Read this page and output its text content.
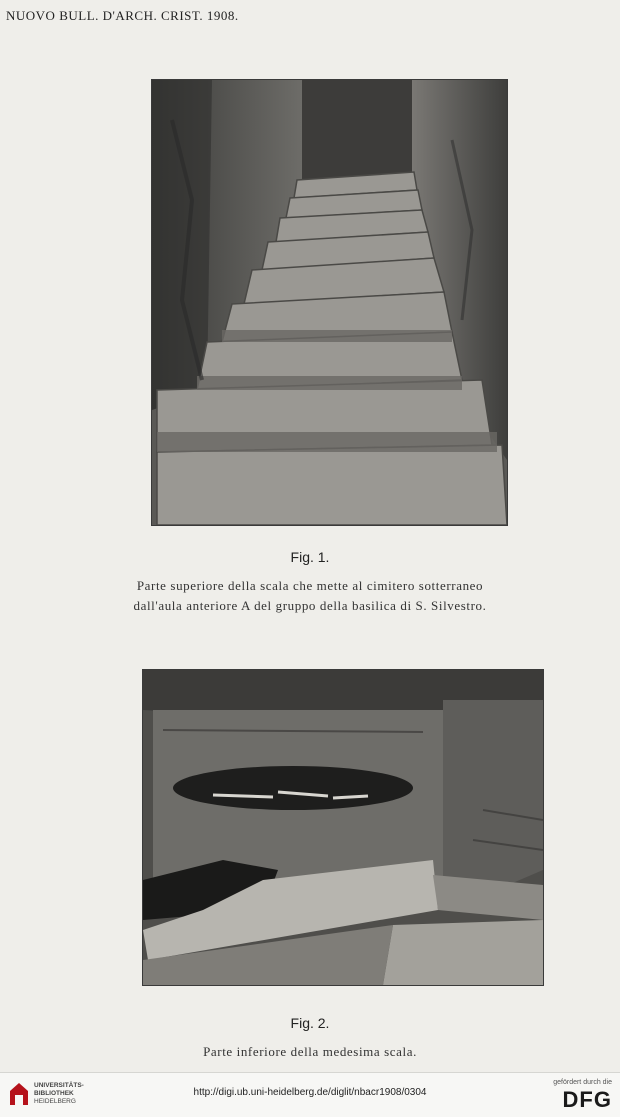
NUOVO BULL. D'ARCH. CRIST. 1908.
Fig. 1.
Parte superiore della scala che mette al cimitero sotterraneo
dall'aula anteriore A del gruppo della basilica di S. Silvestro.
Fig. 2.
Parte inferiore della medesima scala.
UNIVERSITÄTS-
BIBLIOTHEK
HEIDELBERG
http://digi.ub.uni-heidelberg.de/diglit/nbacr1908/0304
gefördert durch die
DFG
